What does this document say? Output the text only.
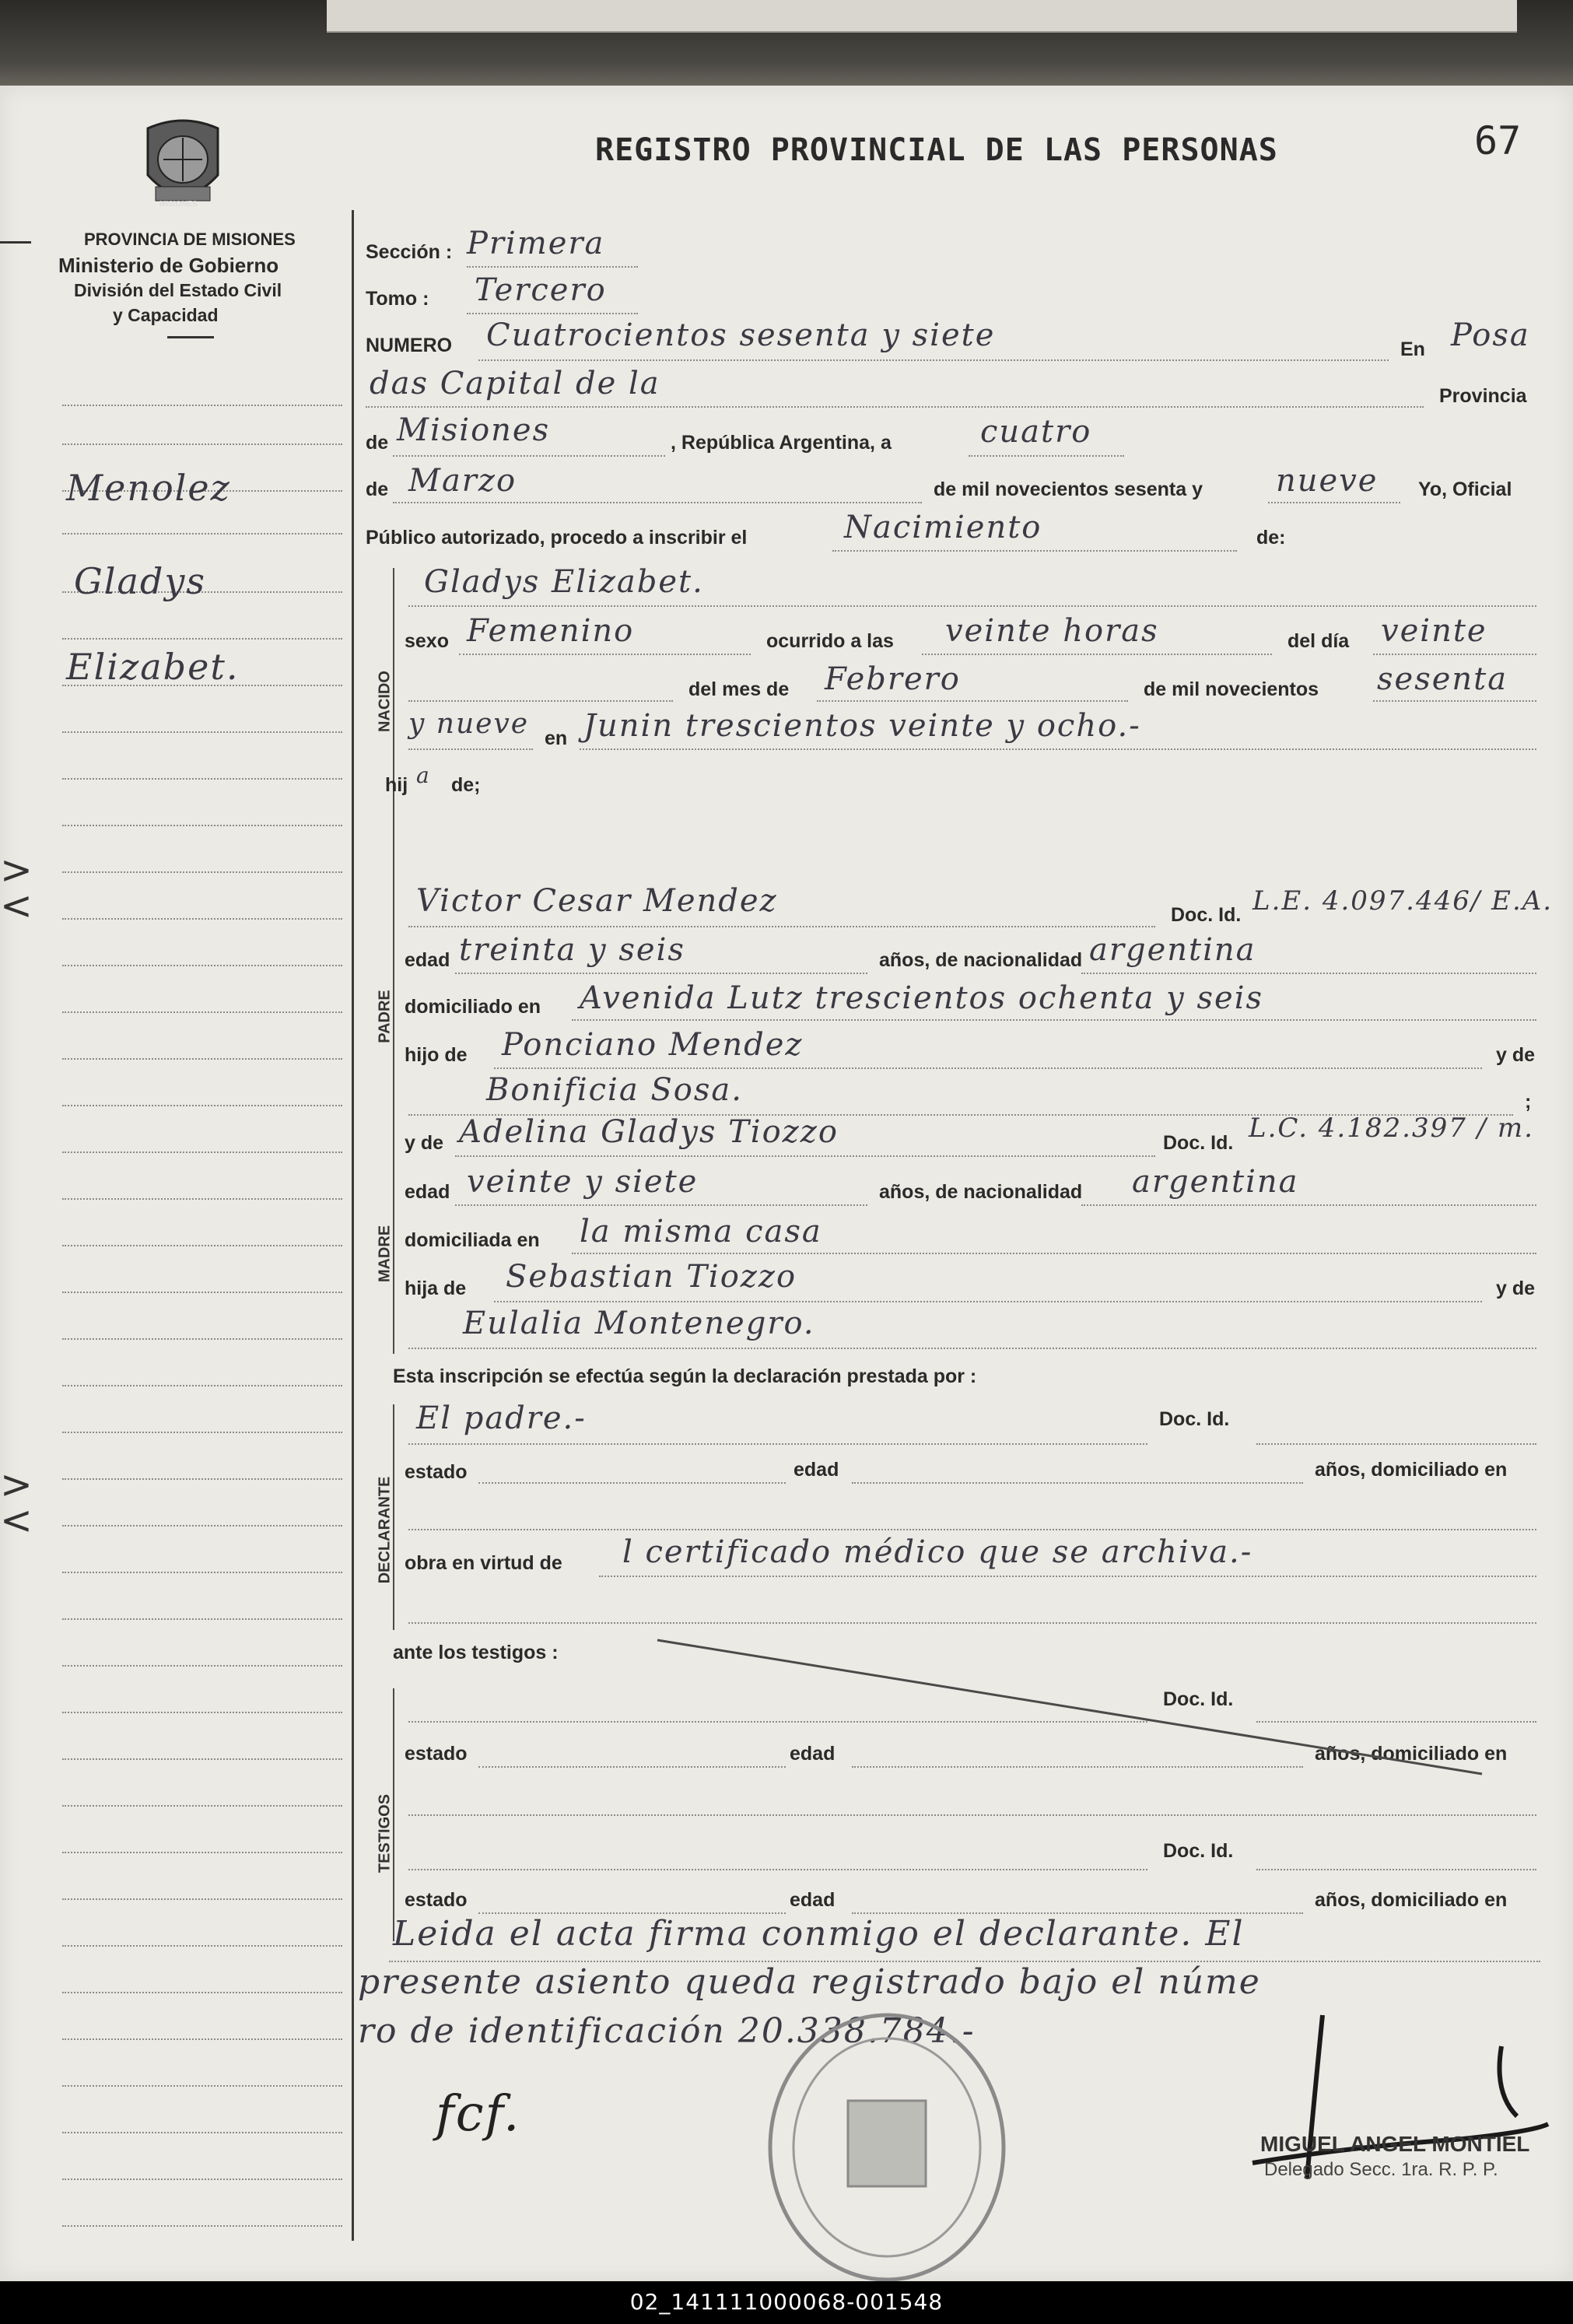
MISIONES
PROVINCIA DE MISIONES
Ministerio de Gobierno
División del Estado Civil
y Capacidad
REGISTRO PROVINCIAL DE LAS PERSONAS	67
Menolez
Gladys
Elizabet.
><
><
Sección : Primera
Tomo : Tercero
NUMERO Cuatrocientos sesenta y siete	En Posa
das Capital de la	Provincia
de Misiones	, República Argentina, a	cuatro
de Marzo	de mil novecientos sesenta y nueve Yo, Oficial
Público autorizado, procedo a inscribir el	Nacimiento	de:
NACIDO
Gladys Elizabet.
sexo Femenino	ocurrido a las veinte horas	del día veinte
del mes de Febrero	de mil novecientos sesenta
y nueve en Junin trescientos veinte y ocho.-
hij a de;
PADRE
Victor Cesar Mendez	Doc. Id. L.E. 4.097.446/ E.A.
edad treinta y seis	años, de nacionalidad argentina
domiciliado en Avenida Lutz trescientos ochenta y seis
hijo de Ponciano Mendez	y de
Bonificia Sosa.	;
MADRE
y de Adelina Gladys Tiozzo	Doc. Id. L.C. 4.182.397 / m.
edad veinte y siete	años, de nacionalidad argentina
domiciliada en la misma casa
hija de Sebastian Tiozzo	y de
Eulalia Montenegro.
Esta inscripción se efectúa según la declaración prestada por :
DECLARANTE
El padre.-	Doc. Id.
estado	edad	años, domiciliado en
obra en virtud de l certificado médico que se archiva.-
ante los testigos :
TESTIGOS
Doc. Id.
estado	edad	años, domiciliado en
Doc. Id.
estado	edad	años, domiciliado en
Leida el acta firma conmigo el declarante. El
presente asiento queda registrado bajo el núme
ro de identificación 20.338.784.-
fcf.
MIGUEL ANGEL MONTIEL
Delegado Secc. 1ra. R. P. P.
02_141111000068-001548
